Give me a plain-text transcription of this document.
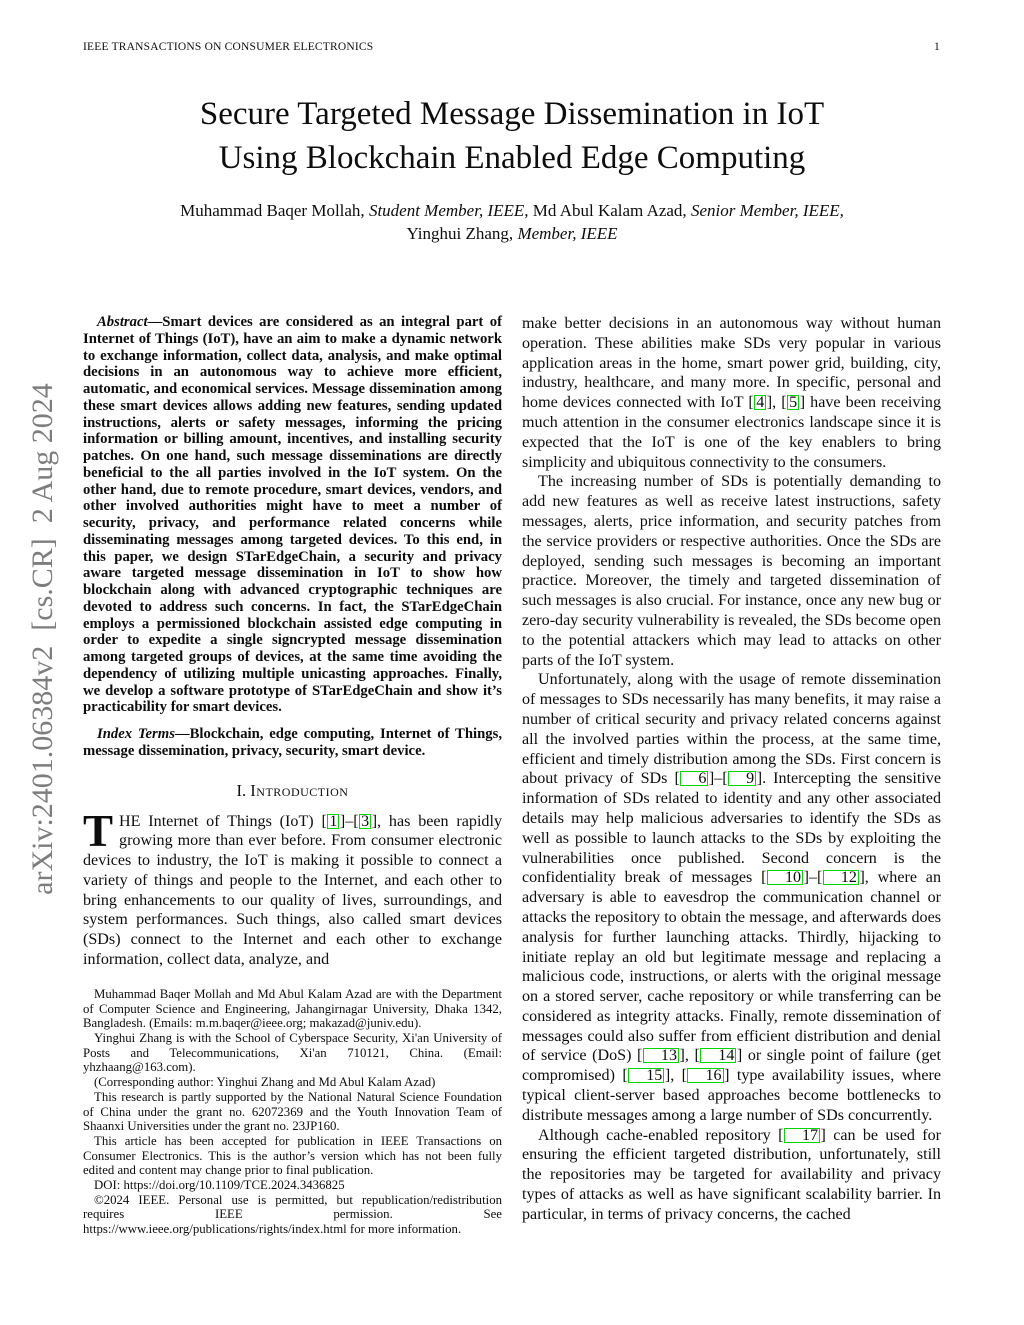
IEEE TRANSACTIONS ON CONSUMER ELECTRONICS	1
arXiv:2401.06384v2  [cs.CR]  2 Aug 2024
Secure Targeted Message Dissemination in IoT
Using Blockchain Enabled Edge Computing
Muhammad Baqer Mollah, Student Member, IEEE, Md Abul Kalam Azad, Senior Member, IEEE,
Yinghui Zhang, Member, IEEE

Abstract—Smart devices are considered as an integral part of Internet of Things (IoT), have an aim to make a dynamic network to exchange information, collect data, analysis, and make optimal decisions in an autonomous way to achieve more efficient, automatic, and economical services. Message dissemination among these smart devices allows adding new features, sending updated instructions, alerts or safety messages, informing the pricing information or billing amount, incentives, and installing security patches. On one hand, such message disseminations are directly beneficial to the all parties involved in the IoT system. On the other hand, due to remote procedure, smart devices, vendors, and other involved authorities might have to meet a number of security, privacy, and performance related concerns while disseminating messages among targeted devices. To this end, in this paper, we design STarEdgeChain, a security and privacy aware targeted message dissemination in IoT to show how blockchain along with advanced cryptographic techniques are devoted to address such concerns. In fact, the STarEdgeChain employs a permissioned blockchain assisted edge computing in order to expedite a single signcrypted message dissemination among targeted groups of devices, at the same time avoiding the dependency of utilizing multiple unicasting approaches. Finally, we develop a software prototype of STarEdgeChain and show it’s practicability for smart devices.

Index Terms—Blockchain, edge computing, Internet of Things, message dissemination, privacy, security, smart device.

I. Introduction

THE Internet of Things (IoT) [ 1 ]–[ 3 ], has been rapidly growing more than ever before. From consumer electronic devices to industry, the IoT is making it possible to connect a variety of things and people to the Internet, and each other to bring enhancements to our quality of lives, surroundings, and system performances. Such things, also called smart devices (SDs) connect to the Internet and each other to exchange information, collect data, analyze, and

Muhammad Baqer Mollah and Md Abul Kalam Azad are with the Department of Computer Science and Engineering, Jahangirnagar University, Dhaka 1342, Bangladesh. (Emails: m.m.baqer@ieee.org; makazad@juniv.edu).

Yinghui Zhang is with the School of Cyberspace Security, Xi'an University of Posts and Telecommunications, Xi'an 710121, China. (Email: yhzhaang@163.com).

(Corresponding author: Yinghui Zhang and Md Abul Kalam Azad)

This research is partly supported by the National Natural Science Foundation of China under the grant no. 62072369 and the Youth Innovation Team of Shaanxi Universities under the grant no. 23JP160.

This article has been accepted for publication in IEEE Transactions on Consumer Electronics. This is the author’s version which has not been fully edited and content may change prior to final publication.

DOI: https://doi.org/10.1109/TCE.2024.3436825

©2024 IEEE. Personal use is permitted, but republication/redistribution requires IEEE permission. See https://www.ieee.org/publications/rights/index.html for more information.

make better decisions in an autonomous way without human operation. These abilities make SDs very popular in various application areas in the home, smart power grid, building, city, industry, healthcare, and many more. In specific, personal and home devices connected with IoT [ 4 ], [ 5 ] have been receiving much attention in the consumer electronics landscape since it is expected that the IoT is one of the key enablers to bring simplicity and ubiquitous connectivity to the consumers.

The increasing number of SDs is potentially demanding to add new features as well as receive latest instructions, safety messages, alerts, price information, and security patches from the service providers or respective authorities. Once the SDs are deployed, sending such messages is becoming an important practice. Moreover, the timely and targeted dissemination of such messages is also crucial. For instance, once any new bug or zero-day security vulnerability is revealed, the SDs become open to the potential attackers which may lead to attacks on other parts of the IoT system.

Unfortunately, along with the usage of remote dissemination of messages to SDs necessarily has many benefits, it may raise a number of critical security and privacy related concerns against all the involved parties within the process, at the same time, efficient and timely distribution among the SDs. First concern is about privacy of SDs [ 6 ]–[ 9 ]. Intercepting the sensitive information of SDs related to identity and any other associated details may help malicious adversaries to identify the SDs as well as possible to launch attacks to the SDs by exploiting the vulnerabilities once published. Second concern is the confidentiality break of messages [ 10 ]–[ 12 ], where an adversary is able to eavesdrop the communication channel or attacks the repository to obtain the message, and afterwards does analysis for further launching attacks. Thirdly, hijacking to initiate replay an old but legitimate message and replacing a malicious code, instructions, or alerts with the original message on a stored server, cache repository or while transferring can be considered as integrity attacks. Finally, remote dissemination of messages could also suffer from efficient distribution and denial of service (DoS) [ 13 ], [ 14 ] or single point of failure (get compromised) [ 15 ], [ 16 ] type availability issues, where typical client-server based approaches become bottlenecks to distribute messages among a large number of SDs concurrently.

Although cache-enabled repository [ 17 ] can be used for ensuring the efficient targeted distribution, unfortunately, still the repositories may be targeted for availability and privacy types of attacks as well as have significant scalability barrier. In particular, in terms of privacy concerns, the cached
